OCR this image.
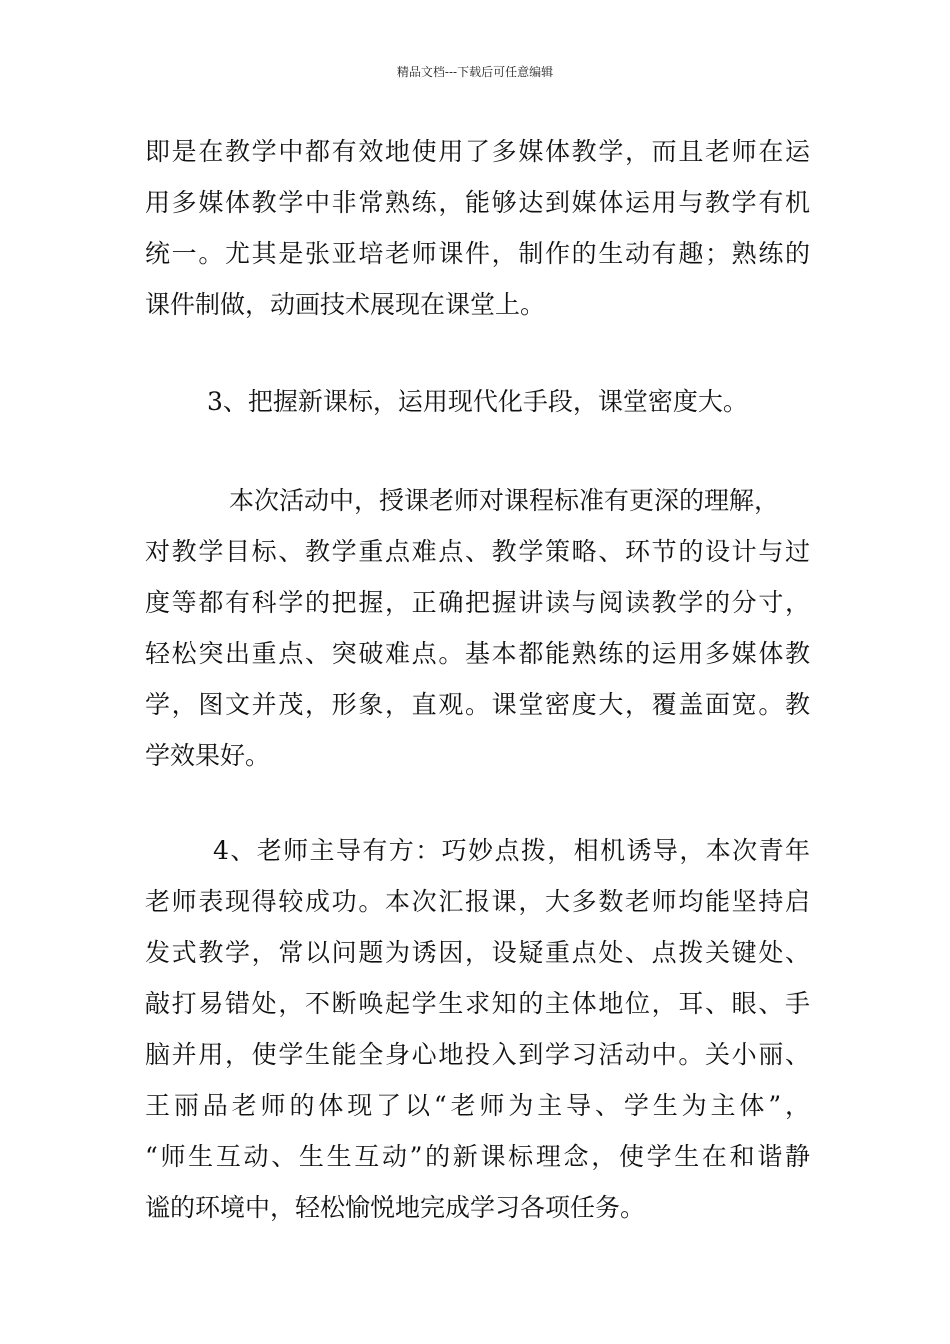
精品文档---下载后可任意编辑
即是在教学中都有效地使用了多媒体教学，而且老师在运
用多媒体教学中非常熟练，能够达到媒体运用与教学有机
统一。尤其是张亚培老师课件，制作的生动有趣；熟练的
课件制做，动画技术展现在课堂上。
3、把握新课标，运用现代化手段，课堂密度大。
本次活动中，授课老师对课程标准有更深的理解，
对教学目标、教学重点难点、教学策略、环节的设计与过
度等都有科学的把握，正确把握讲读与阅读教学的分寸，
轻松突出重点、突破难点。基本都能熟练的运用多媒体教
学，图文并茂，形象，直观。课堂密度大，覆盖面宽。教
学效果好。
4、老师主导有方：巧妙点拨，相机诱导，本次青年
老师表现得较成功。本次汇报课，大多数老师均能坚持启
发式教学，常以问题为诱因，设疑重点处、点拨关键处、
敲打易错处，不断唤起学生求知的主体地位，耳、眼、手
脑并用，使学生能全身心地投入到学习活动中。关小丽、
王丽品老师的体现了以“老师为主导、学生为主体”，
“师生互动、生生互动”的新课标理念，使学生在和谐静
谧的环境中，轻松愉悦地完成学习各项任务。
